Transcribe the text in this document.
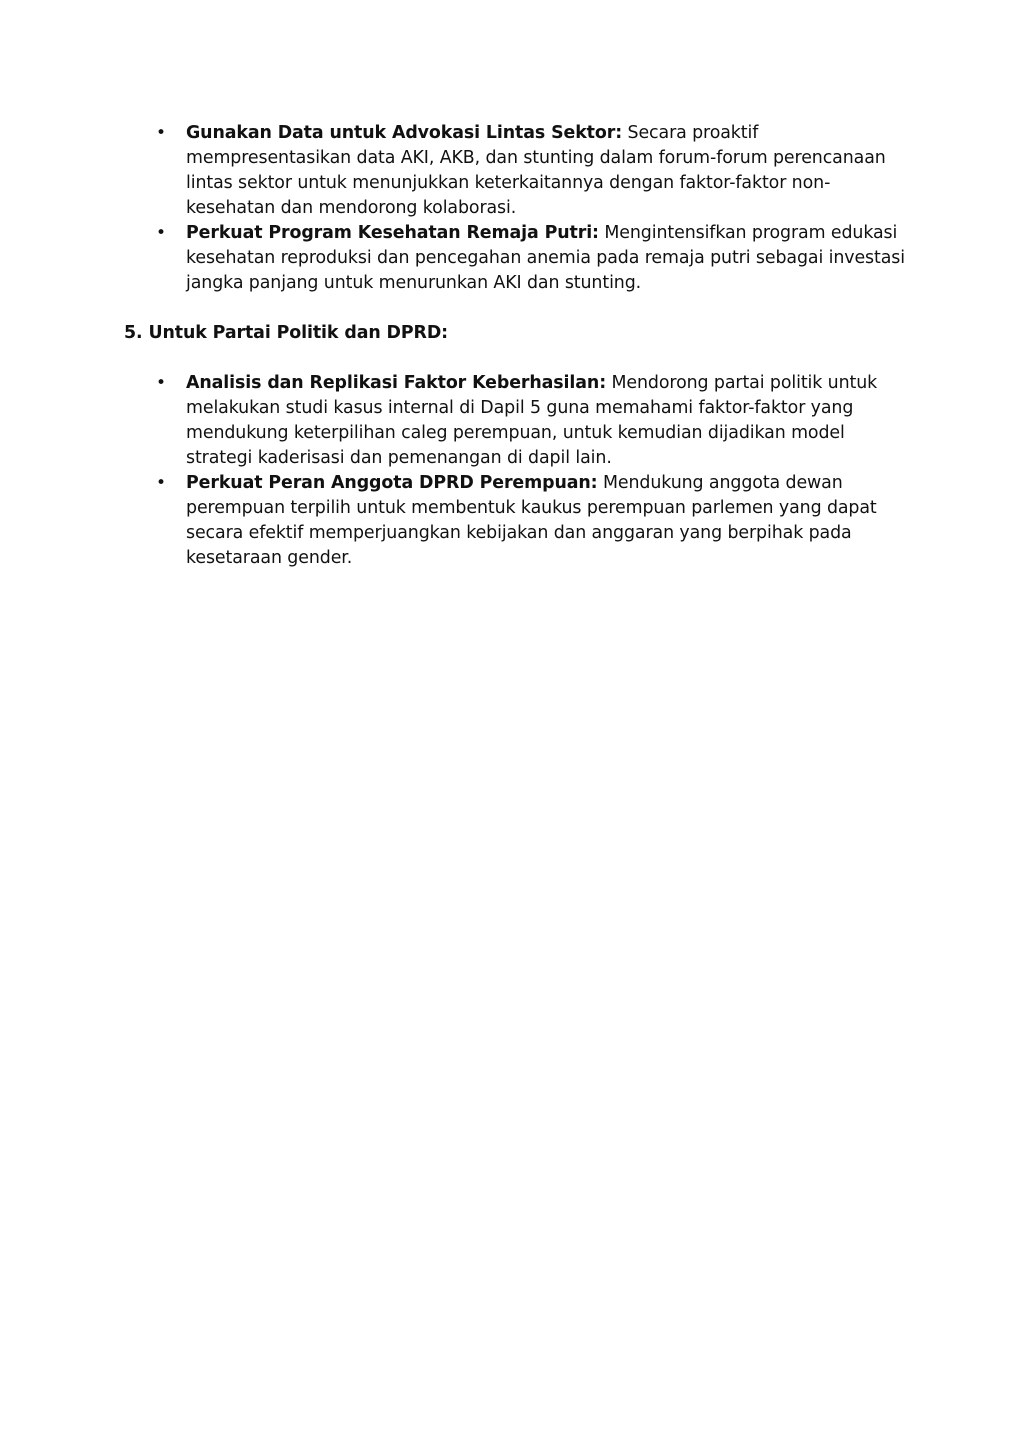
• Gunakan Data untuk Advokasi Lintas Sektor: Secara proaktif mempresentasikan data AKI, AKB, dan stunting dalam forum-forum perencanaan lintas sektor untuk menunjukkan keterkaitannya dengan faktor-faktor non-kesehatan dan mendorong kolaborasi.
• Perkuat Program Kesehatan Remaja Putri: Mengintensifkan program edukasi kesehatan reproduksi dan pencegahan anemia pada remaja putri sebagai investasi jangka panjang untuk menurunkan AKI dan stunting.
5. Untuk Partai Politik dan DPRD:
• Analisis dan Replikasi Faktor Keberhasilan: Mendorong partai politik untuk melakukan studi kasus internal di Dapil 5 guna memahami faktor-faktor yang mendukung keterpilihan caleg perempuan, untuk kemudian dijadikan model strategi kaderisasi dan pemenangan di dapil lain.
• Perkuat Peran Anggota DPRD Perempuan: Mendukung anggota dewan perempuan terpilih untuk membentuk kaukus perempuan parlemen yang dapat secara efektif memperjuangkan kebijakan dan anggaran yang berpihak pada kesetaraan gender.
